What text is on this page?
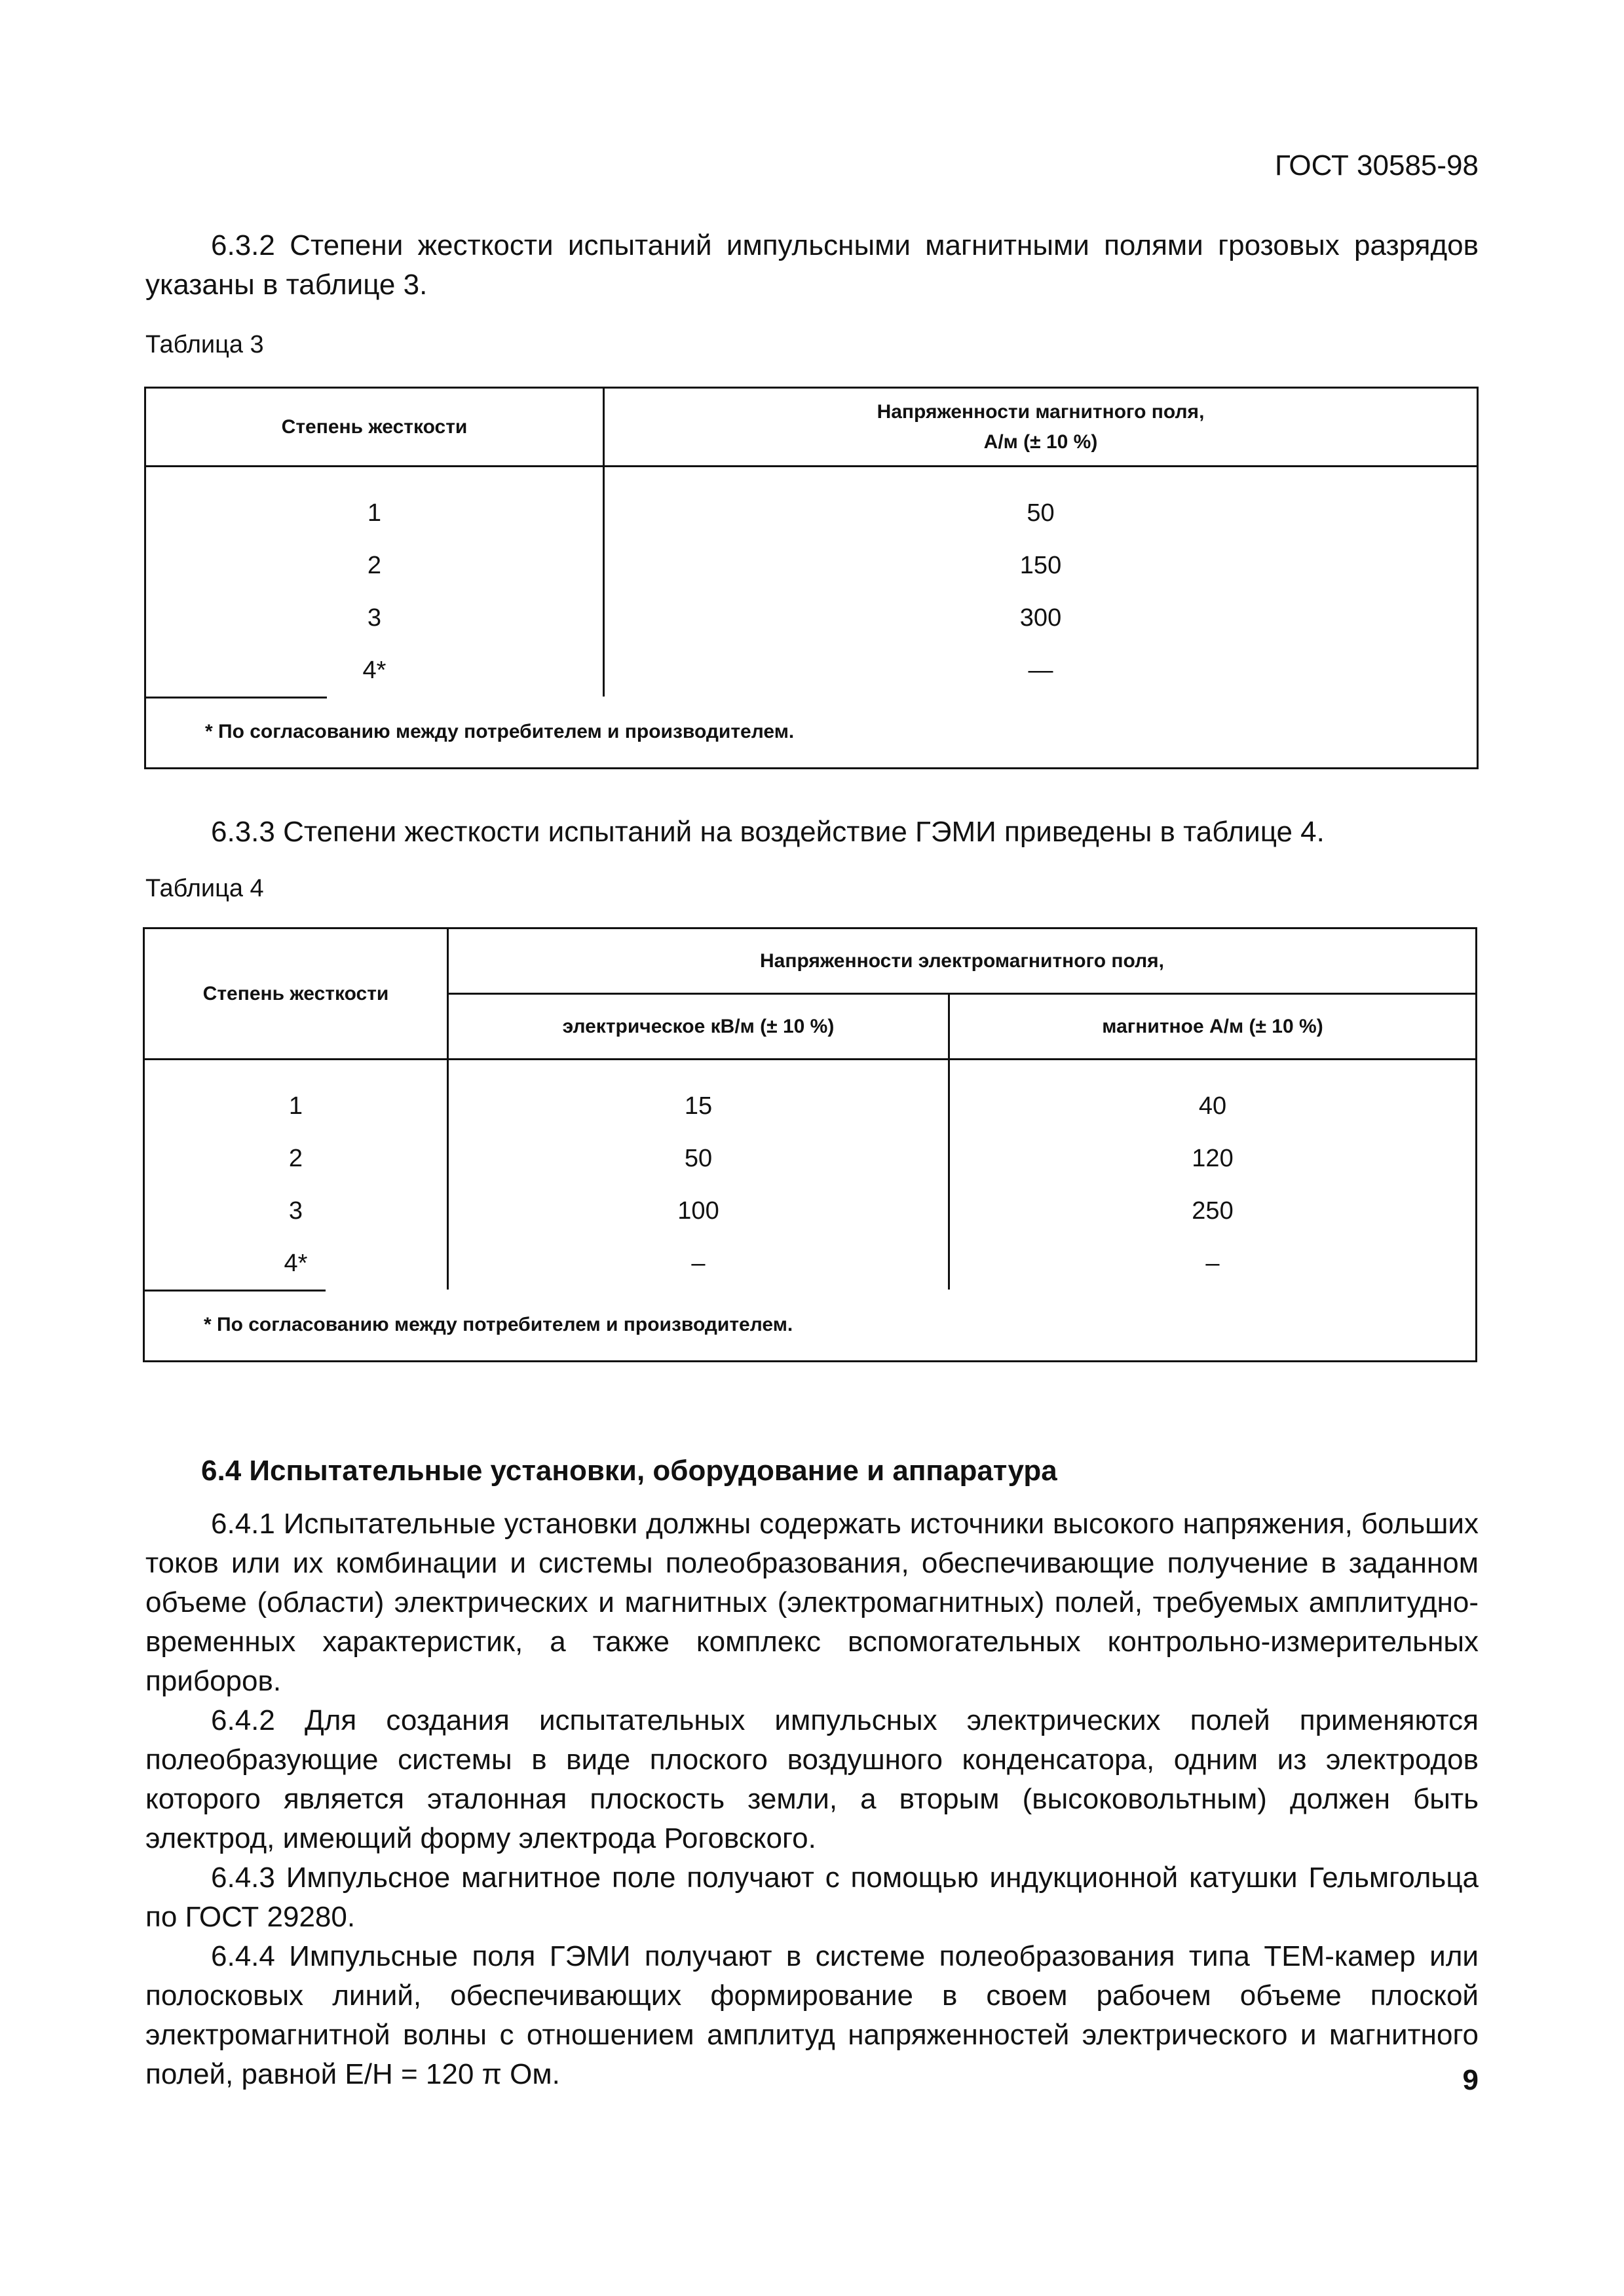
ГОСТ 30585-98

6.3.2 Степени жесткости испытаний импульсными магнитными полями грозовых разрядов указаны в таблице 3.

Таблица 3
Степень жесткости	Напряженности магнитного поля,
А/м (± 10 %)

1	50
2	150
3	300
4*	—

* По согласованию между потребителем и производителем.	

6.3.3 Степени жесткости испытаний на воздействие ГЭМИ приведены в таблице 4.

Таблица 4
Степень жесткости	Напряженности электромагнитного поля,	
	электрическое кВ/м (± 10 %)	магнитное А/м (± 10 %)
1	15	40
2	50	120
3	100	250
4*	–	–

* По согласованию между потребителем и производителем.		
6.4 Испытательные установки, оборудование и аппаратура

6.4.1 Испытательные установки должны содержать источники высокого напряжения, больших токов или их комбинации и системы полеобразования, обеспечивающие получение в заданном объеме (области) электрических и магнитных (электромагнитных) полей, требуемых амплитудно-временных характеристик, а также комплекс вспомогательных контрольно-измерительных приборов.

6.4.2 Для создания испытательных импульсных электрических полей применяются полеобразующие системы в виде плоского воздушного конденсатора, одним из электродов которого является эталонная плоскость земли, а вторым (высоковольтным) должен быть электрод, имеющий форму электрода Роговского.

6.4.3 Импульсное магнитное поле получают с помощью индукционной катушки Гельмгольца по ГОСТ 29280.

6.4.4 Импульсные поля ГЭМИ получают в системе полеобразования типа ТЕМ-камер или полосковых линий, обеспечивающих формирование в своем рабочем объеме плоской электромагнитной волны с отношением амплитуд напряженностей электрического и магнитного полей, равной E/H = 120 π Ом.	9
